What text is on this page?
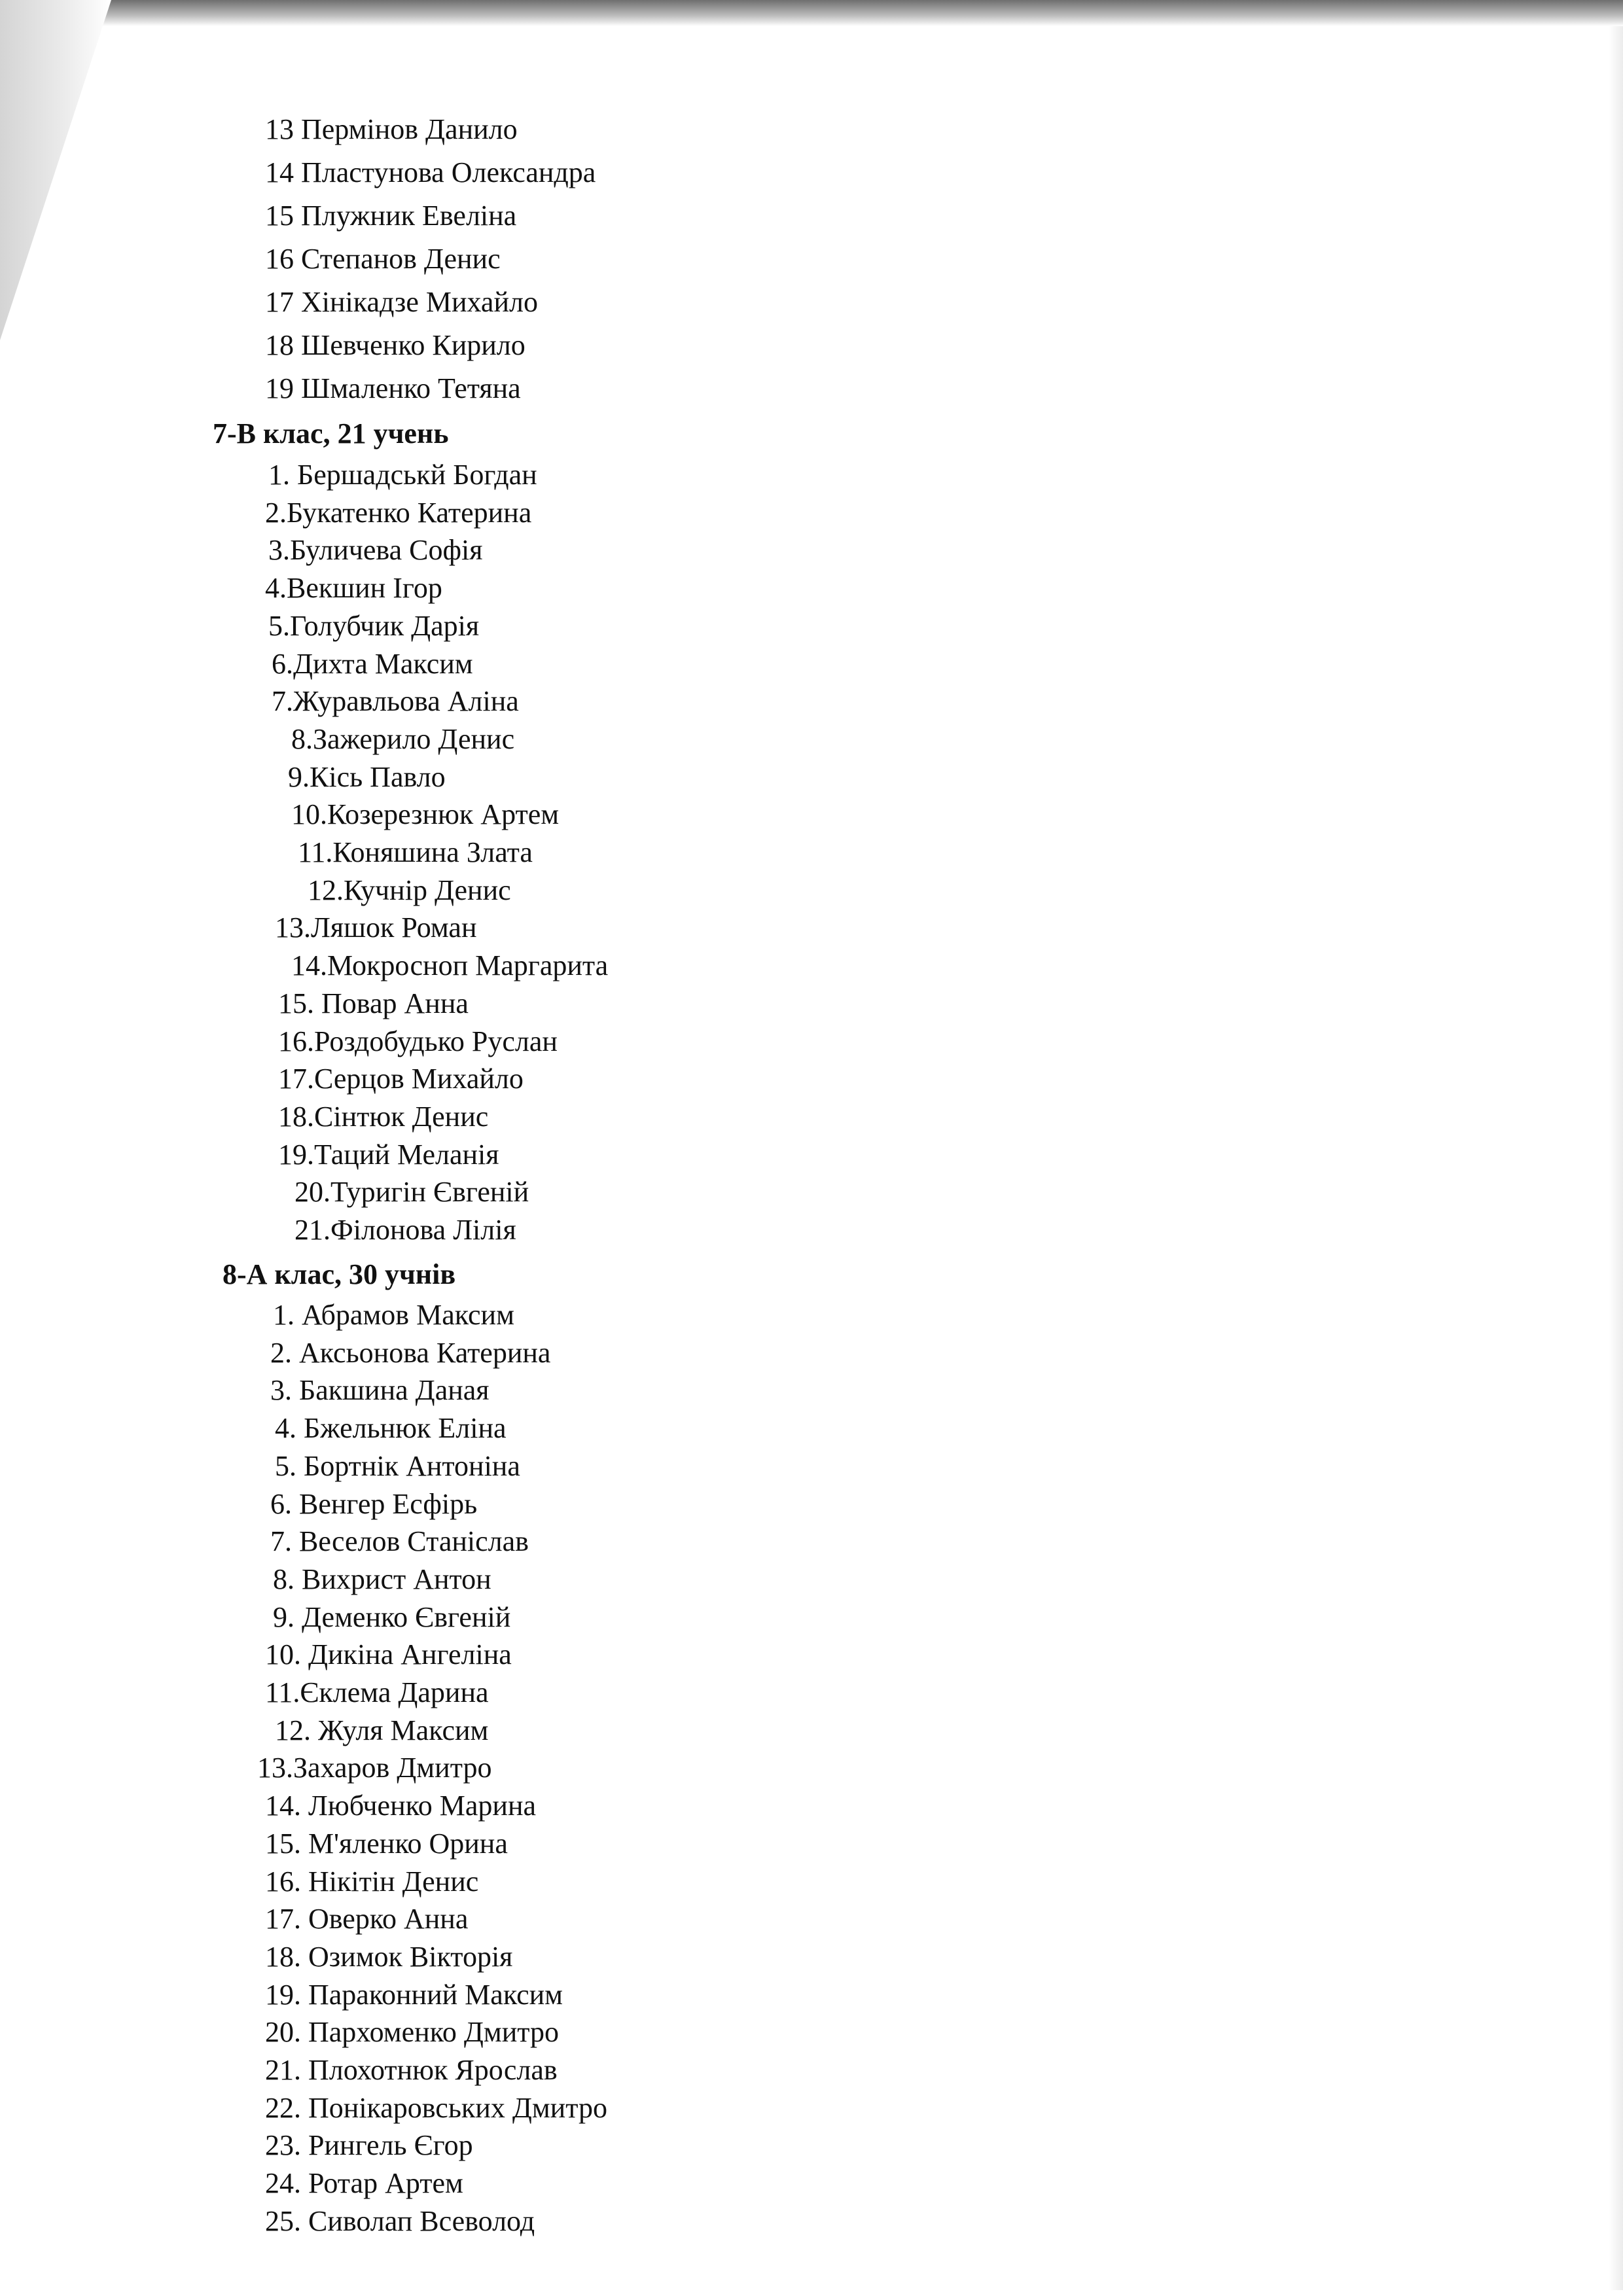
13 Пермінов Данило
14 Пластунова Олександра
15 Плужник Евеліна
16 Степанов Денис
17 Хінікадзе Михайло
18 Шевченко Кирило
19 Шмаленко Тетяна
7-В клас, 21 учень
1. Бершадськй Богдан
2.Букатенко Катерина
3.Буличева Софія
4.Векшин Ігор
5.Голубчик Дарія
6.Дихта Максим
7.Журавльова Аліна
8.Зажерило Денис
9.Кісь Павло
10.Козерезнюк Артем
11.Коняшина Злата
12.Кучнір Денис
13.Ляшок Роман
14.Мокросноп Маргарита
15. Повар Анна
16.Роздобудько Руслан
17.Серцов Михайло
18.Сінтюк Денис
19.Таций Меланія
20.Туригін Євгеній
21.Філонова Лілія
8-А клас, 30 учнів
1. Абрамов Максим
2. Аксьонова Катерина
3. Бакшина Даная
4. Бжельнюк Еліна
5. Бортнік Антоніна
6. Венгер Есфірь
7. Веселов Станіслав
8. Вихрист Антон
9. Деменко Євгеній
10. Дикіна Ангеліна
11.Єклема Дарина
12. Жуля Максим
13.Захаров Дмитро
14. Любченко Марина
15. М'яленко Орина
16. Нікітін Денис
17. Оверко Анна
18. Озимок Вікторія
19. Параконний Максим
20. Пархоменко Дмитро
21. Плохотнюк Ярослав
22. Понікаровських Дмитро
23. Рингель Єгор
24. Ротар Артем
25. Сиволап Всеволод
